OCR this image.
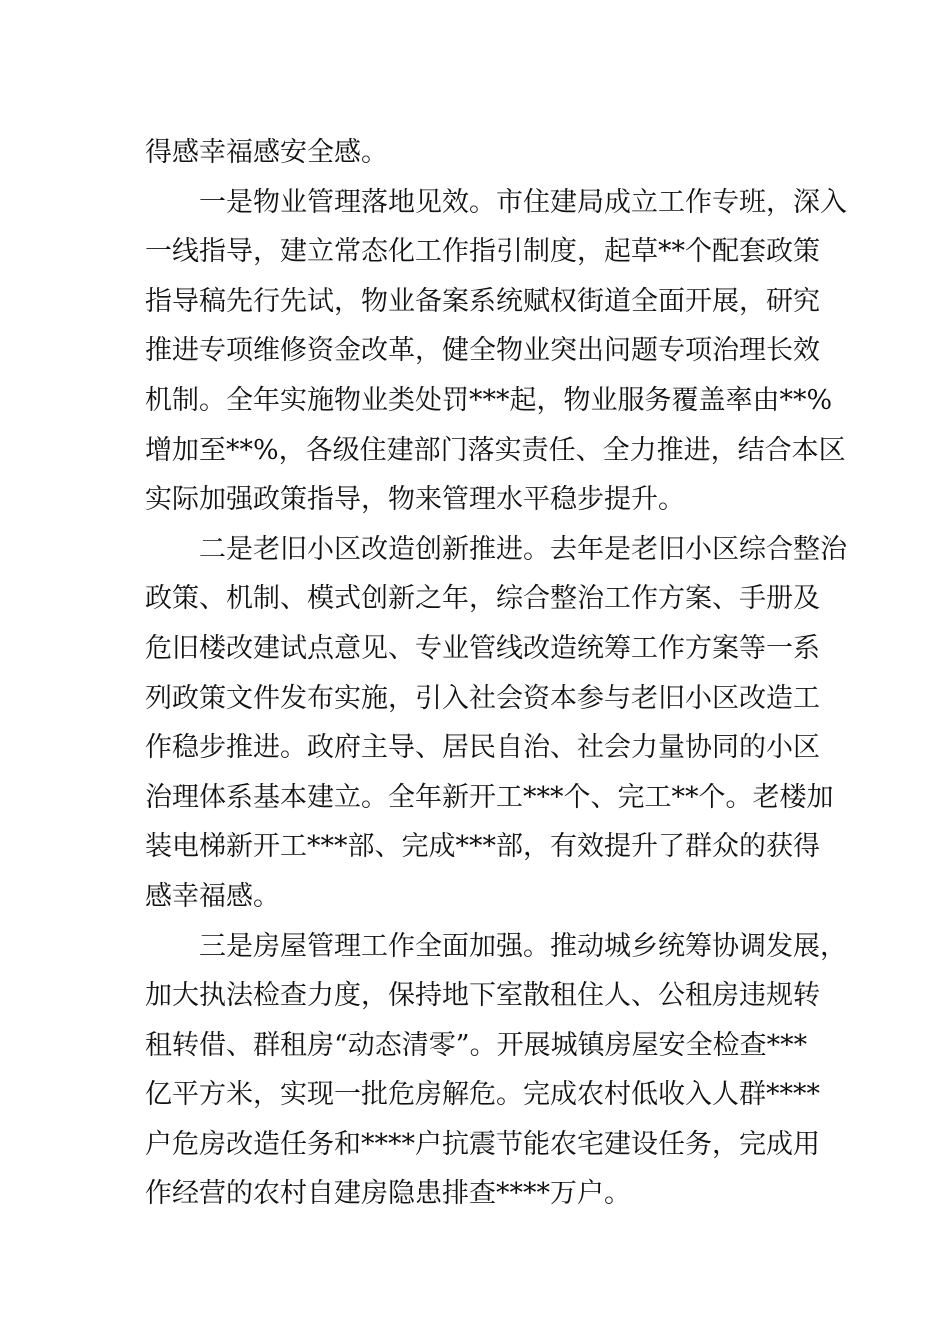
得感幸福感安全感。
一是物业管理落地见效。市住建局成立工作专班，深入
一线指导，建立常态化工作指引制度，起草**个配套政策
指导稿先行先试，物业备案系统赋权街道全面开展，研究
推进专项维修资金改革，健全物业突出问题专项治理长效
机制。全年实施物业类处罚***起，物业服务覆盖率由**%
增加至**%，各级住建部门落实责任、全力推进，结合本区
实际加强政策指导，物来管理水平稳步提升。
二是老旧小区改造创新推进。去年是老旧小区综合整治
政策、机制、模式创新之年，综合整治工作方案、手册及
危旧楼改建试点意见、专业管线改造统筹工作方案等一系
列政策文件发布实施，引入社会资本参与老旧小区改造工
作稳步推进。政府主导、居民自治、社会力量协同的小区
治理体系基本建立。全年新开工***个、完工**个。老楼加
装电梯新开工***部、完成***部，有效提升了群众的获得
感幸福感。
三是房屋管理工作全面加强。推动城乡统筹协调发展，
加大执法检查力度，保持地下室散租住人、公租房违规转
租转借、群租房“动态清零”。开展城镇房屋安全检查***
亿平方米，实现一批危房解危。完成农村低收入人群****
户危房改造任务和****户抗震节能农宅建设任务，完成用
作经营的农村自建房隐患排查****万户。
